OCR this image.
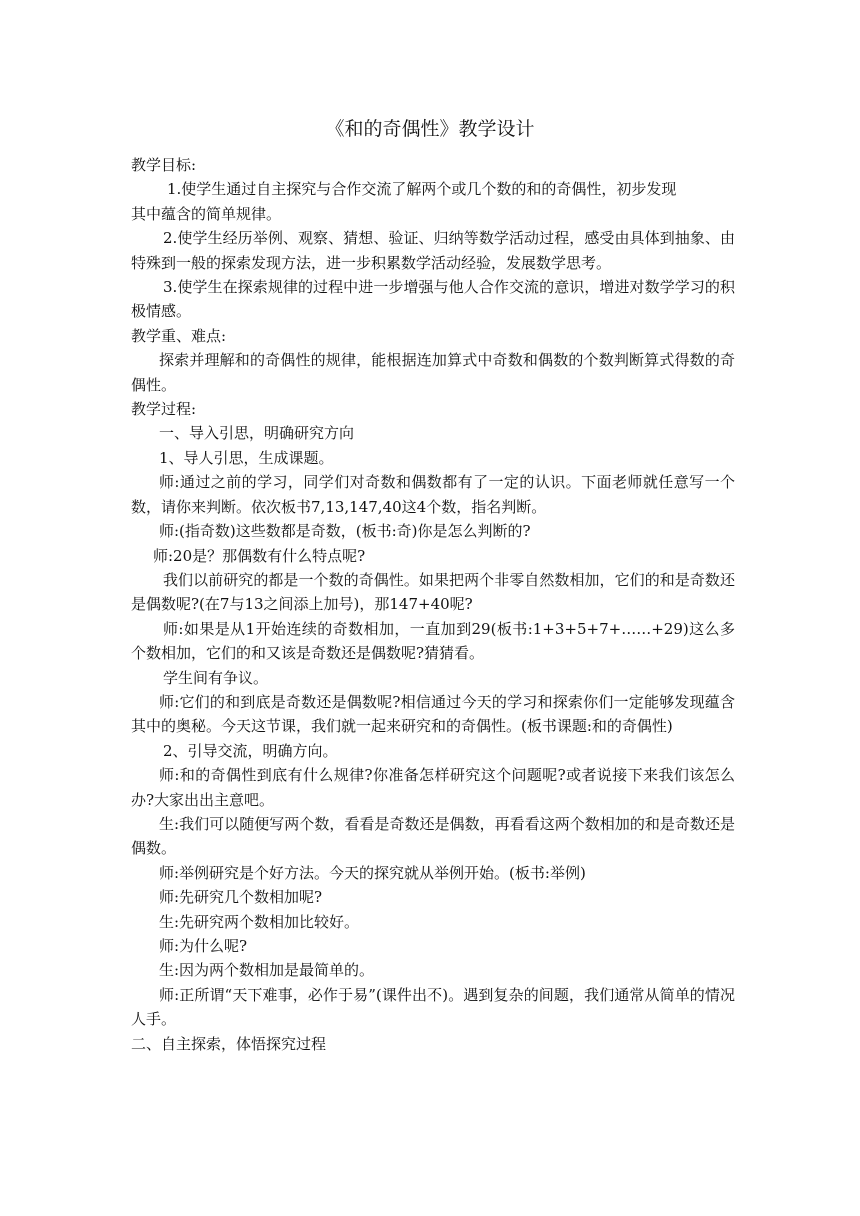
《和的奇偶性》教学设计

教学目标:

1.使学生通过自主探究与合作交流了解两个或几个数的和的奇偶性，初步发现
其中蕴含的简单规律。

2.使学生经历举例、观察、猜想、验证、归纳等数学活动过程，感受由具体到抽象、由特殊到一般的探索发现方法，进一步积累数学活动经验，发展数学思考。

3.使学生在探索规律的过程中进一步增强与他人合作交流的意识，增进对数学学习的积极情感。

教学重、难点:

探索并理解和的奇偶性的规律，能根据连加算式中奇数和偶数的个数判断算式得数的奇偶性。

教学过程:

一、导入引思，明确研究方向

1、导人引思，生成课题。

师:通过之前的学习，同学们对奇数和偶数都有了一定的认识。下面老师就任意写一个数，请你来判断。依次板书7,13,147,40这4个数，指名判断。

师:(指奇数)这些数都是奇数，(板书:奇)你是怎么判断的?

师:20是？那偶数有什么特点呢?

我们以前研究的都是一个数的奇偶性。如果把两个非零自然数相加，它们的和是奇数还是偶数呢?(在7与13之间添上加号)，那147+40呢?

师:如果是从1开始连续的奇数相加，一直加到29(板书:1+3+5+7+……+29)这么多个数相加，它们的和又该是奇数还是偶数呢?猜猜看。

学生间有争议。

师:它们的和到底是奇数还是偶数呢?相信通过今天的学习和探索你们一定能够发现蕴含其中的奥秘。今天这节课，我们就一起来研究和的奇偶性。(板书课题:和的奇偶性)

2、引导交流，明确方向。

师:和的奇偶性到底有什么规律?你准备怎样研究这个问题呢?或者说接下来我们该怎么办?大家出出主意吧。

生:我们可以随便写两个数，看看是奇数还是偶数，再看看这两个数相加的和是奇数还是偶数。

师:举例研究是个好方法。今天的探究就从举例开始。(板书:举例)

师:先研究几个数相加呢?

生:先研究两个数相加比较好。

师:为什么呢?

生:因为两个数相加是最简单的。

师:正所谓“天下难事，必作于易”(课件出不)。遇到复杂的间题，我们通常从简单的情况人手。

二、自主探索，体悟探究过程
